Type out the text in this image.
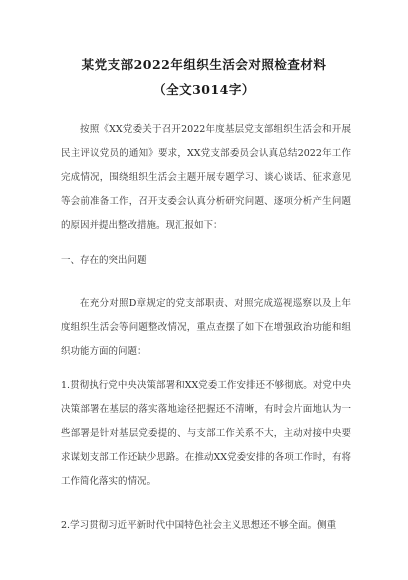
某党支部2022年组织生活会对照检查材料
（全文3014字）

按照《XX党委关于召开2022年度基层党支部组织生活会和开展民主评议党员的通知》要求，XX党支部委员会认真总结2022年工作完成情况，围绕组织生活会主题开展专题学习、谈心谈话、征求意见等会前准备工作，召开支委会认真分析研究问题、逐项分析产生问题的原因并提出整改措施。现汇报如下：

一、存在的突出问题

在充分对照D章规定的党支部职责、对照完成巡视巡察以及上年度组织生活会等问题整改情况，重点查摆了如下在增强政治功能和组织功能方面的问题：

1.贯彻执行党中央决策部署和XX党委工作安排还不够彻底。对党中央决策部署在基层的落实落地途径把握还不清晰，有时会片面地认为一些部署是针对基层党委提的、与支部工作关系不大，主动对接中央要求谋划支部工作还缺少思路。在推动XX党委安排的各项工作时，有将工作简化落实的情况。

2.学习贯彻习近平新时代中国特色社会主义思想还不够全面。侧重
